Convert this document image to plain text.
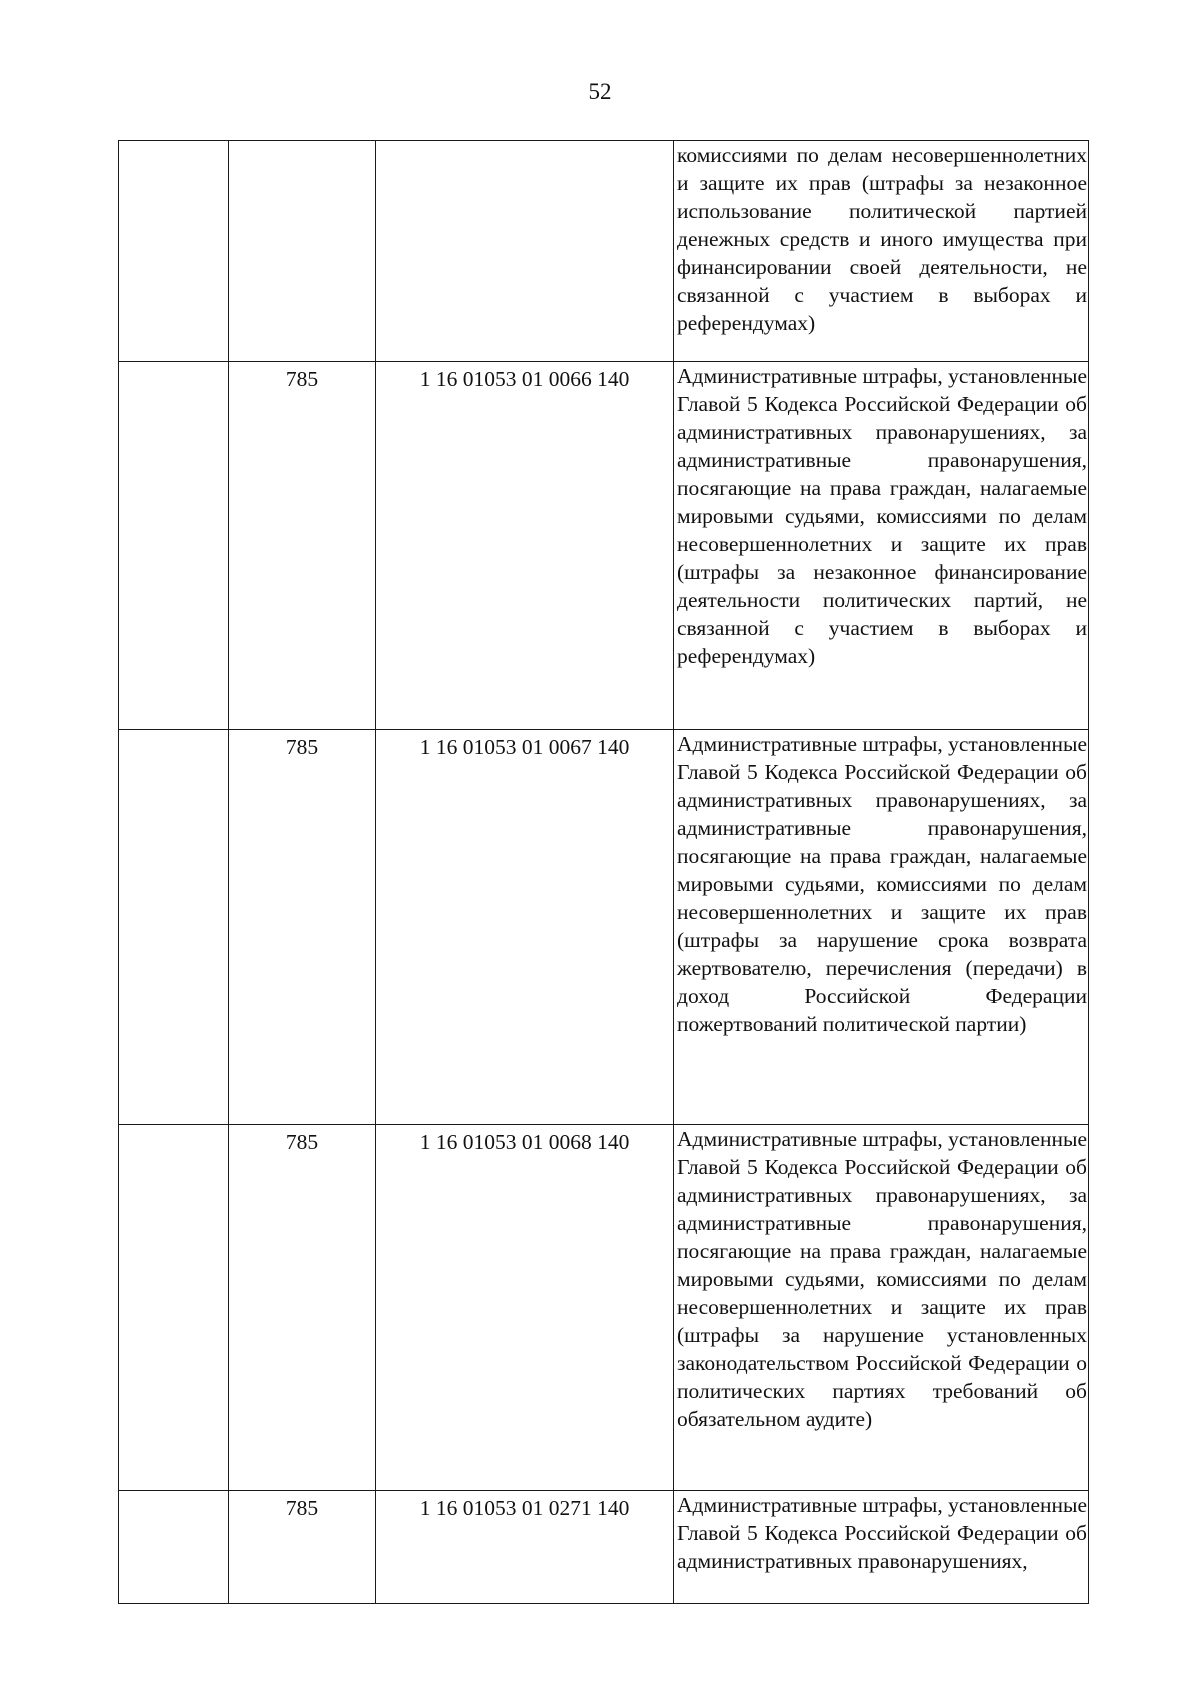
52
			комиссиями по делам несовершеннолетних и защите их прав (штрафы за незаконное использование политической партией денежных средств и иного имущества при финансировании своей деятельности, не связанной с участием в выборах и референдумах)
	785	1 16 01053 01 0066 140	Административные штрафы, установленные Главой 5 Кодекса Российской Федерации об административных правонарушениях, за административные правонарушения, посягающие на права граждан, налагаемые мировыми судьями, комиссиями по делам несовершеннолетних и защите их прав (штрафы за незаконное финансирование деятельности политических партий, не связанной с участием в выборах и референдумах)
	785	1 16 01053 01 0067 140	Административные штрафы, установленные Главой 5 Кодекса Российской Федерации об административных правонарушениях, за административные правонарушения, посягающие на права граждан, налагаемые мировыми судьями, комиссиями по делам несовершеннолетних и защите их прав (штрафы за нарушение срока возврата жертвователю, перечисления (передачи) в доход Российской Федерации пожертвований политической партии)
	785	1 16 01053 01 0068 140	Административные штрафы, установленные Главой 5 Кодекса Российской Федерации об административных правонарушениях, за административные правонарушения, посягающие на права граждан, налагаемые мировыми судьями, комиссиями по делам несовершеннолетних и защите их прав (штрафы за нарушение установленных законодательством Российской Федерации о политических партиях требований об обязательном аудите)
	785	1 16 01053 01 0271 140	Административные штрафы, установленные Главой 5 Кодекса Российской Федерации об административных правонарушениях,
